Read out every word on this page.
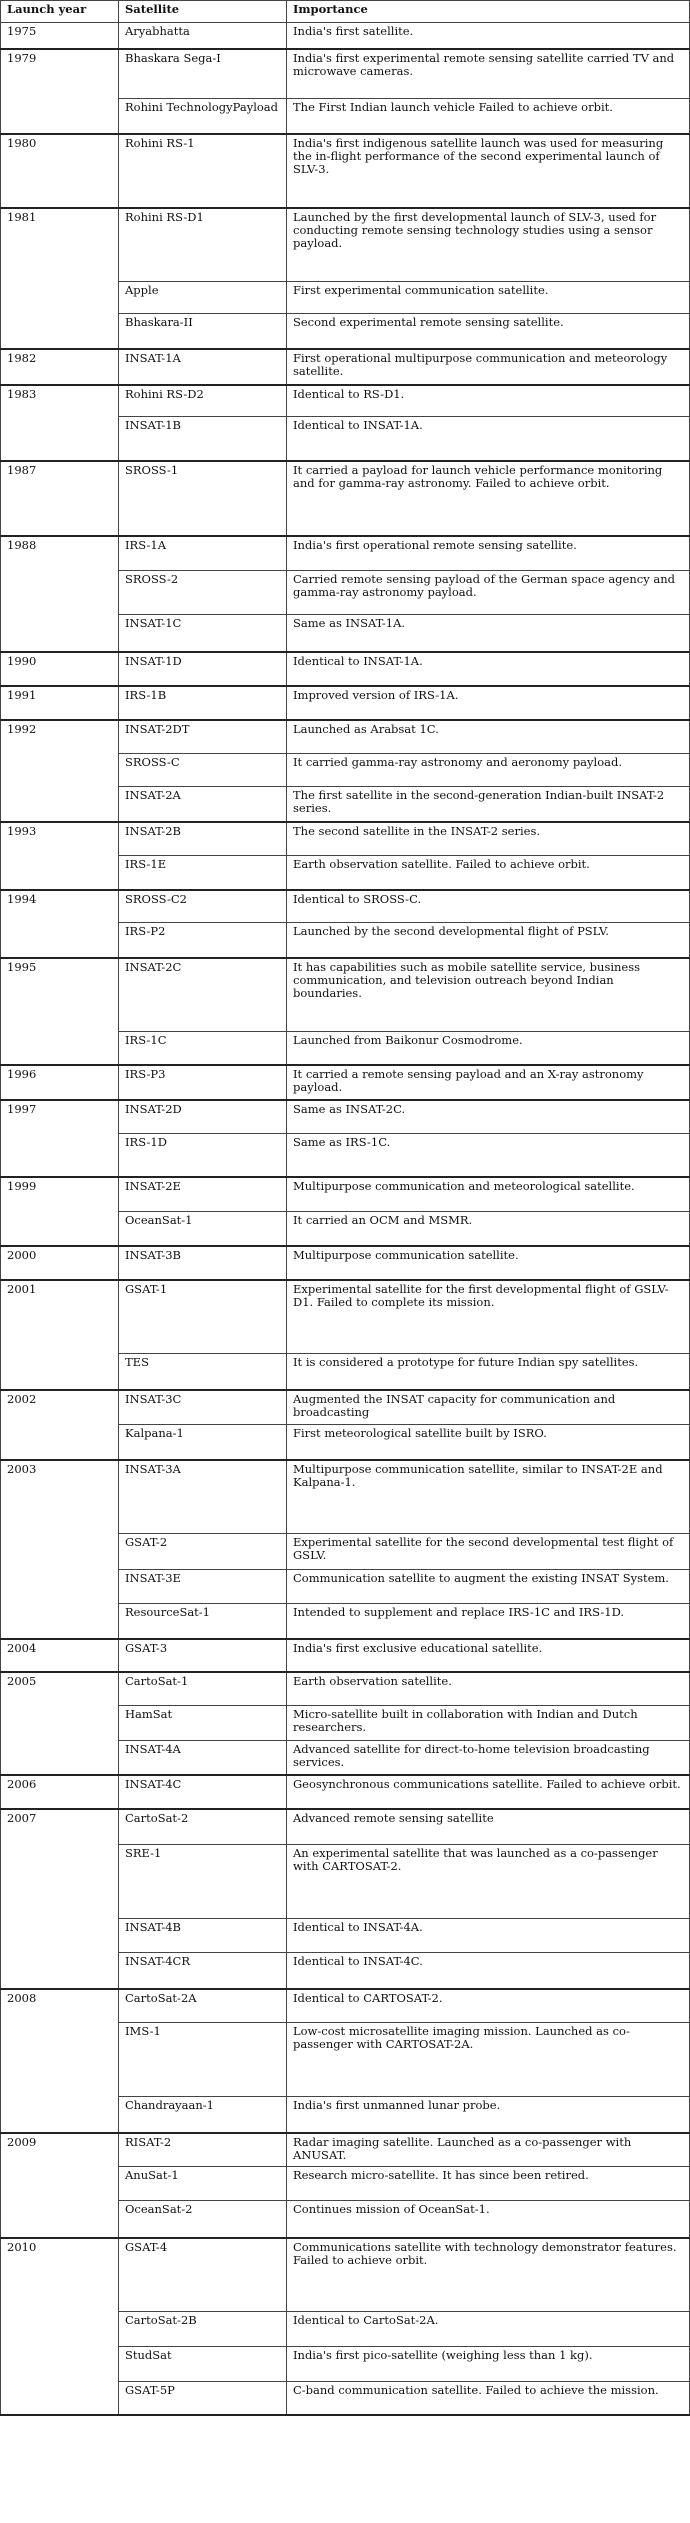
Launch year	Satellite	Importance
1975	Aryabhatta	India's first satellite.
1979	Bhaskara Sega-I	India's first experimental remote sensing satellite carried TV and microwave cameras.
	Rohini TechnologyPayload	The First Indian launch vehicle Failed to achieve orbit.
1980	Rohini RS-1	India's first indigenous satellite launch was used for measuring the in-flight performance of the second experimental launch of SLV-3.
1981	Rohini RS-D1	Launched by the first developmental launch of SLV-3, used for conducting remote sensing technology studies using a sensor payload.
	Apple	First experimental communication satellite.
	Bhaskara-II	Second experimental remote sensing satellite.
1982	INSAT-1A	First operational multipurpose communication and meteorology satellite.
1983	Rohini RS-D2	Identical to RS-D1.
	INSAT-1B	Identical to INSAT-1A.
1987	SROSS-1	It carried a payload for launch vehicle performance monitoring and for gamma-ray astronomy. Failed to achieve orbit.
1988	IRS-1A	India's first operational remote sensing satellite.
	SROSS-2	Carried remote sensing payload of the German space agency and gamma-ray astronomy payload.
	INSAT-1C	Same as INSAT-1A.
1990	INSAT-1D	Identical to INSAT-1A.
1991	IRS-1B	Improved version of IRS-1A.
1992	INSAT-2DT	Launched as Arabsat 1C.
	SROSS-C	It carried gamma-ray astronomy and aeronomy payload.
	INSAT-2A	The first satellite in the second-generation Indian-built INSAT-2 series.
1993	INSAT-2B	The second satellite in the INSAT-2 series.
	IRS-1E	Earth observation satellite. Failed to achieve orbit.
1994	SROSS-C2	Identical to SROSS-C.
	IRS-P2	Launched by the second developmental flight of PSLV.
1995	INSAT-2C	It has capabilities such as mobile satellite service, business communication, and television outreach beyond Indian boundaries.
	IRS-1C	Launched from Baikonur Cosmodrome.
1996	IRS-P3	It carried a remote sensing payload and an X-ray astronomy payload.
1997	INSAT-2D	Same as INSAT-2C.
	IRS-1D	Same as IRS-1C.
1999	INSAT-2E	Multipurpose communication and meteorological satellite.
	OceanSat-1	It carried an OCM and MSMR.
2000	INSAT-3B	Multipurpose communication satellite.
2001	GSAT-1	Experimental satellite for the first developmental flight of GSLV-D1. Failed to complete its mission.
	TES	It is considered a prototype for future Indian spy satellites.
2002	INSAT-3C	Augmented the INSAT capacity for communication and broadcasting
	Kalpana-1	First meteorological satellite built by ISRO.
2003	INSAT-3A	Multipurpose communication satellite, similar to INSAT-2E and Kalpana-1.
	GSAT-2	Experimental satellite for the second developmental test flight of GSLV.
	INSAT-3E	Communication satellite to augment the existing INSAT System.
	ResourceSat-1	Intended to supplement and replace IRS-1C and IRS-1D.
2004	GSAT-3	India's first exclusive educational satellite.
2005	CartoSat-1	Earth observation satellite.
	HamSat	Micro-satellite built in collaboration with Indian and Dutch researchers.
	INSAT-4A	Advanced satellite for direct-to-home television broadcasting services.
2006	INSAT-4C	Geosynchronous communications satellite. Failed to achieve orbit.
2007	CartoSat-2	Advanced remote sensing satellite
	SRE-1	An experimental satellite that was launched as a co-passenger with CARTOSAT-2.
	INSAT-4B	Identical to INSAT-4A.
	INSAT-4CR	Identical to INSAT-4C.
2008	CartoSat-2A	Identical to CARTOSAT-2.
	IMS-1	Low-cost microsatellite imaging mission. Launched as co-passenger with CARTOSAT-2A.
	Chandrayaan-1	India's first unmanned lunar probe.
2009	RISAT-2	Radar imaging satellite. Launched as a co-passenger with ANUSAT.
	AnuSat-1	Research micro-satellite. It has since been retired.
	OceanSat-2	Continues mission of OceanSat-1.
2010	GSAT-4	Communications satellite with technology demonstrator features. Failed to achieve orbit.
	CartoSat-2B	Identical to CartoSat-2A.
	StudSat	India's first pico-satellite (weighing less than 1 kg).
	GSAT-5P	C-band communication satellite. Failed to achieve the mission.
